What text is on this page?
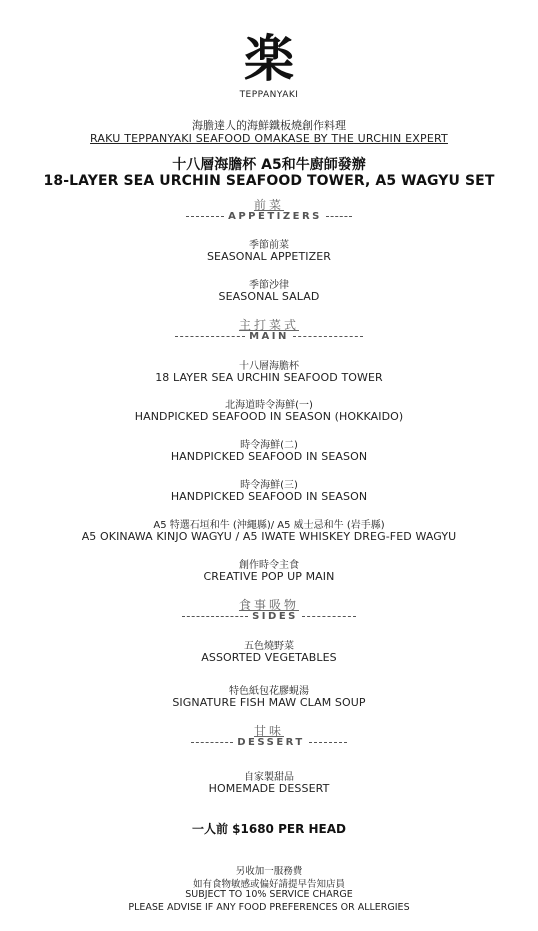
楽
TEPPANYAKI
海膽達人的海鮮鐵板燒創作料理
RAKU TEPPANYAKI SEAFOOD OMAKASE BY THE URCHIN EXPERT
十八層海膽杯 A5和牛廚師發辦
18-LAYER SEA URCHIN SEAFOOD TOWER, A5 WAGYU SET
前菜
APPETIZERS
季節前菜
SEASONAL APPETIZER
季節沙律
SEASONAL SALAD
主打菜式
MAIN
十八層海膽杯
18 LAYER SEA URCHIN SEAFOOD TOWER
北海道時令海鮮(一)
HANDPICKED SEAFOOD IN SEASON (HOKKAIDO)
時令海鮮(二)
HANDPICKED SEAFOOD IN SEASON
時令海鮮(三)
HANDPICKED SEAFOOD IN SEASON
A5 特選石垣和牛 (沖繩縣)/ A5 威士忌和牛 (岩手縣)
A5 OKINAWA KINJO WAGYU / A5 IWATE WHISKEY DREG-FED WAGYU
創作時令主食
CREATIVE POP UP MAIN
食事吸物
SIDES
五色燒野菜
ASSORTED VEGETABLES
特色紙包花膠蜆湯
SIGNATURE FISH MAW CLAM SOUP
甘味
DESSERT
自家製甜品
HOMEMADE DESSERT
一人前 $1680 PER HEAD
另收加一服務費
如有食物敏感或偏好請提早告知店員
SUBJECT TO 10% SERVICE CHARGE
PLEASE ADVISE IF ANY FOOD PREFERENCES OR ALLERGIES
